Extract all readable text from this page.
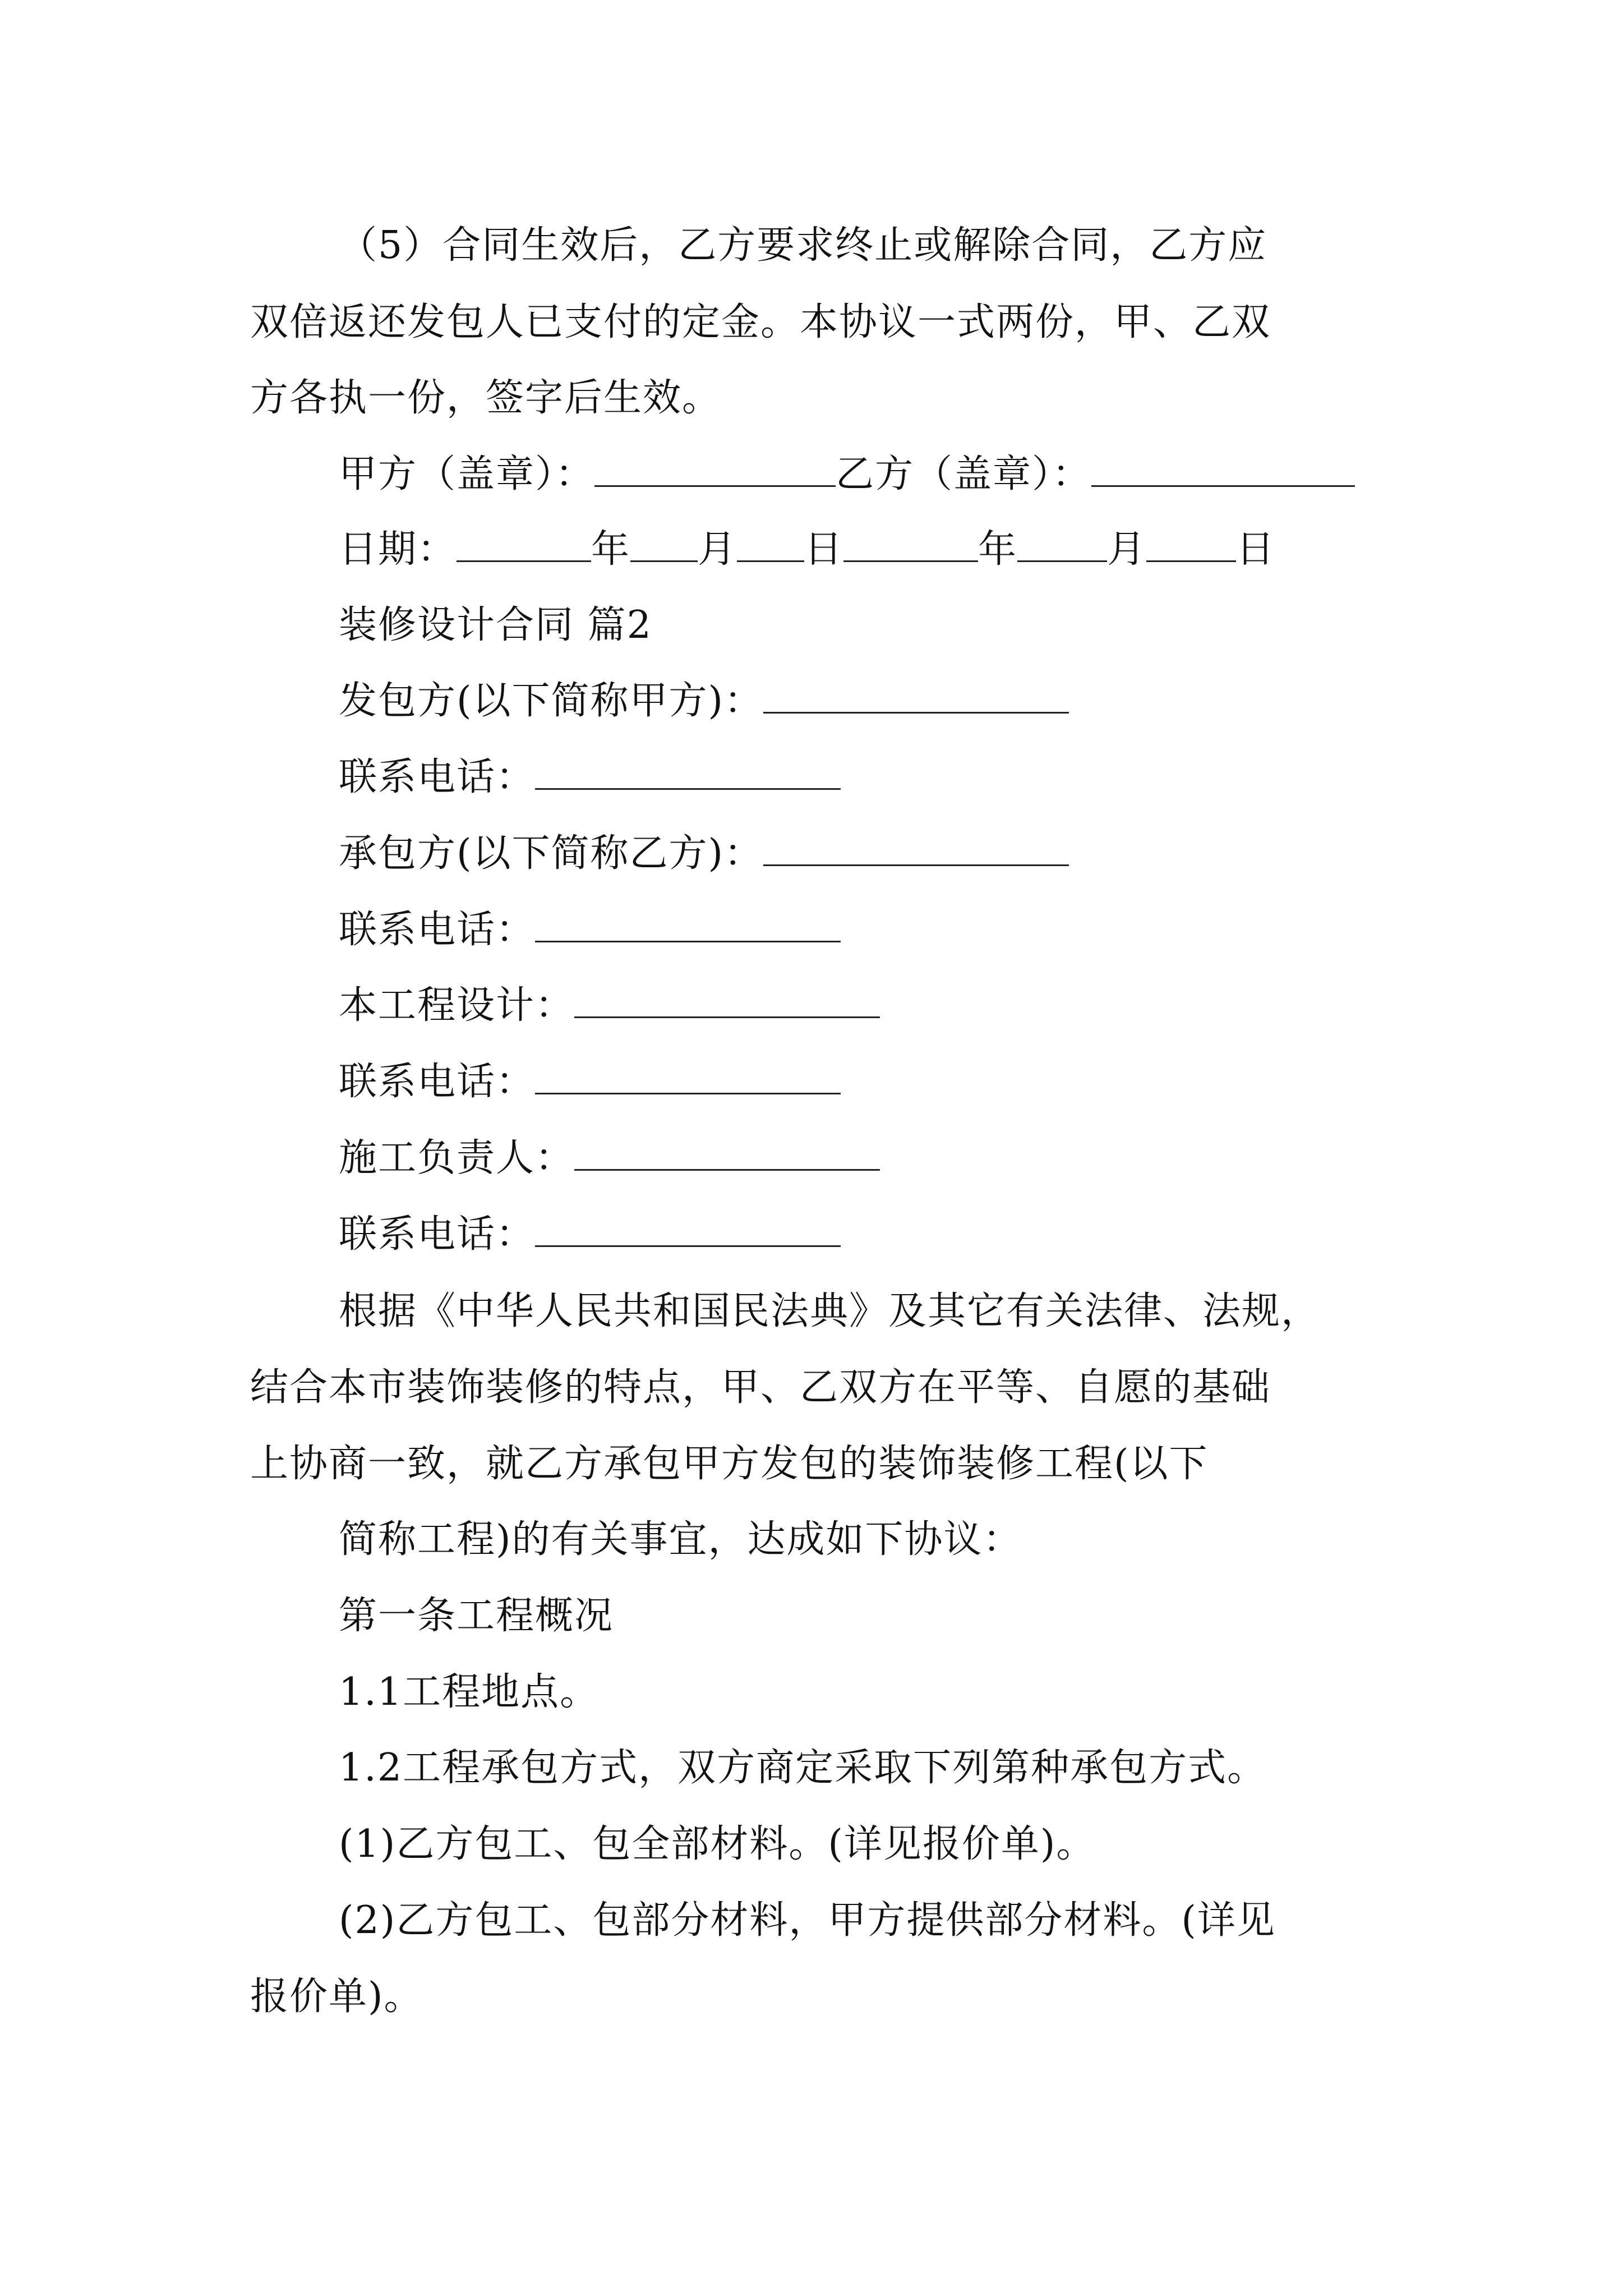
（5）合同生效后，乙方要求终止或解除合同，乙方应
双倍返还发包人已支付的定金。本协议一式两份，甲、乙双
方各执一份，签字后生效。
甲方（盖章）：	乙方（盖章）：
日期：	年 月 日	年 月 日
装修设计合同 篇2
发包方(以下简称甲方)：
联系电话：
承包方(以下简称乙方)：
联系电话：
本工程设计：
联系电话：
施工负责人：
联系电话：
根据《中华人民共和国民法典》及其它有关法律、法规，
结合本市装饰装修的特点，甲、乙双方在平等、自愿的基础
上协商一致，就乙方承包甲方发包的装饰装修工程(以下
简称工程)的有关事宜，达成如下协议：
第一条工程概况
1.1工程地点。
1.2工程承包方式，双方商定采取下列第种承包方式。
(1)乙方包工、包全部材料。(详见报价单)。
(2)乙方包工、包部分材料，甲方提供部分材料。(详见
报价单)。
